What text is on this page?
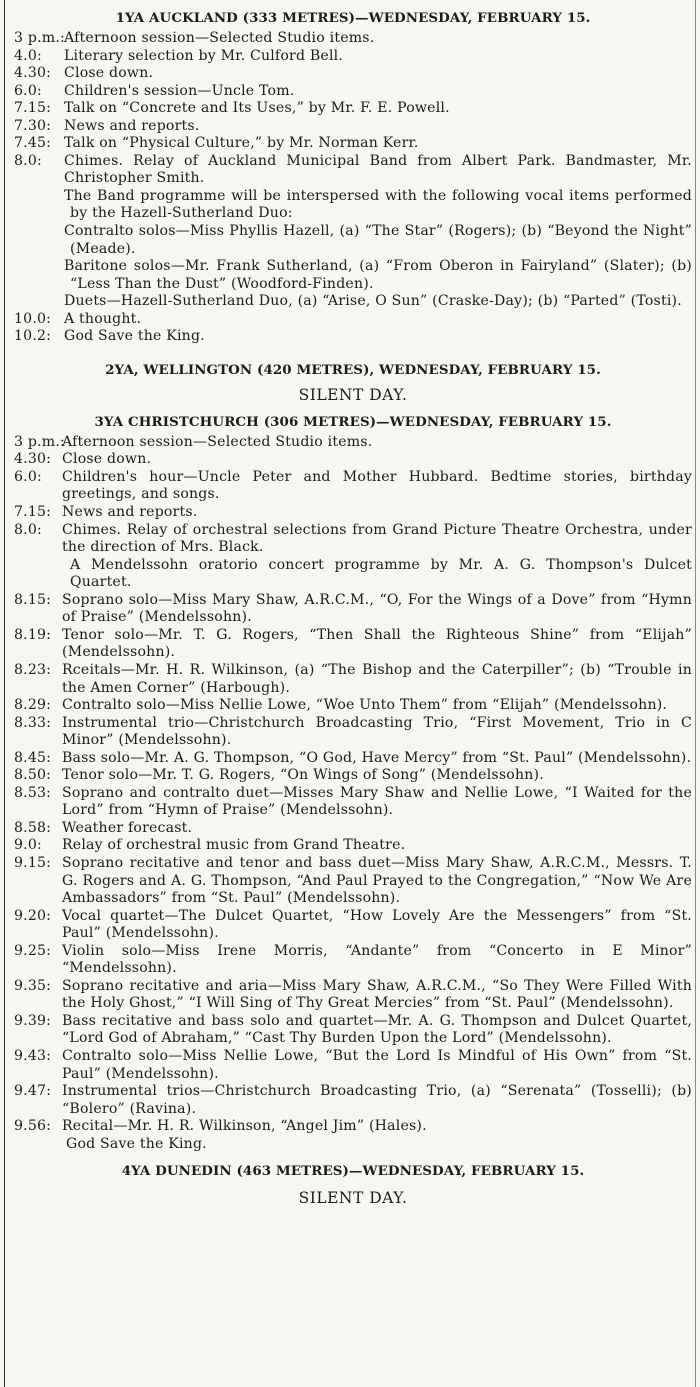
1YA AUCKLAND (333 METRES)—WEDNESDAY, FEBRUARY 15.
3 p.m.: Afternoon session—Selected Studio items.
4.0:	Literary selection by Mr. Culford Bell.
4.30: Close down.
6.0:	Children's session—Uncle Tom.
7.15: Talk on “Concrete and Its Uses,” by Mr. F. E. Powell.
7.30: News and reports.
7.45: Talk on “Physical Culture,” by Mr. Norman Kerr.
8.0:	Chimes. Relay of Auckland Municipal Band from Albert Park. Bandmaster, Mr. Christopher Smith.
The Band programme will be interspersed with the following vocal items performed by the Hazell-Sutherland Duo:
Contralto solos—Miss Phyllis Hazell, (a) “The Star” (Rogers); (b) “Beyond the Night” (Meade).
Baritone solos—Mr. Frank Sutherland, (a) “From Oberon in Fairyland” (Slater); (b) “Less Than the Dust” (Woodford-Finden).
Duets—Hazell-Sutherland Duo, (a) “Arise, O Sun” (Craske-Day); (b) “Parted” (Tosti).
10.0: A thought.
10.2: God Save the King.
2YA, WELLINGTON (420 METRES), WEDNESDAY, FEBRUARY 15.
SILENT DAY.
3YA CHRISTCHURCH (306 METRES)—WEDNESDAY, FEBRUARY 15.
3 p.m.:
Afternoon session—Selected Studio items.
4.30: Close down.
6.0:	Children's hour—Uncle Peter and Mother Hubbard. Bedtime stories, birthday greetings, and songs.
7.15: News and reports.
8.0:	Chimes. Relay of orchestral selections from Grand Picture Theatre Orchestra, under the direction of Mrs. Black.
A Mendelssohn oratorio concert programme by Mr. A. G. Thompson's Dulcet Quartet.
8.15: Soprano solo—Miss Mary Shaw, A.R.C.M., “O, For the Wings of a Dove” from “Hymn of Praise” (Mendelssohn).
8.19: Tenor solo—Mr. T. G. Rogers, “Then Shall the Righteous Shine” from “Elijah” (Mendelssohn).
8.23: Rceitals—Mr. H. R. Wilkinson, (a) “The Bishop and the Caterpiller”; (b) “Trouble in the Amen Corner” (Harbough).
8.29: Contralto solo—Miss Nellie Lowe, “Woe Unto Them” from “Elijah” (Mendelssohn).
8.33: Instrumental trio—Christchurch Broadcasting Trio, “First Movement, Trio in C Minor” (Mendelssohn).
8.45: Bass solo—Mr. A. G. Thompson, “O God, Have Mercy” from “St. Paul” (Mendelssohn).
8.50: Tenor solo—Mr. T. G. Rogers, “On Wings of Song” (Mendelssohn).
8.53: Soprano and contralto duet—Misses Mary Shaw and Nellie Lowe, “I Waited for the Lord” from “Hymn of Praise” (Mendelssohn).
8.58: Weather forecast.
9.0:	Relay of orchestral music from Grand Theatre.
9.15: Soprano recitative and tenor and bass duet—Miss Mary Shaw, A.R.C.M., Messrs. T. G. Rogers and A. G. Thompson, “And Paul Prayed to the Congregation,” “Now We Are Ambassadors” from “St. Paul” (Mendelssohn).
9.20: Vocal quartet—The Dulcet Quartet, “How Lovely Are the Messengers” from “St. Paul” (Mendelssohn).
9.25: Violin solo—Miss Irene Morris, “Andante” from “Concerto in E Minor” “Mendelssohn).
9.35: Soprano recitative and aria—Miss Mary Shaw, A.R.C.M., “So They Were Filled With the Holy Ghost,” “I Will Sing of Thy Great Mercies” from “St. Paul” (Mendelssohn).
9.39: Bass recitative and bass solo and quartet—Mr. A. G. Thompson and Dulcet Quartet, “Lord God of Abraham,” “Cast Thy Burden Upon the Lord” (Mendelssohn).
9.43: Contralto solo—Miss Nellie Lowe, “But the Lord Is Mindful of His Own” from “St. Paul” (Mendelssohn).
9.47: Instrumental trios—Christchurch Broadcasting Trio, (a) “Serenata” (Tosselli); (b) “Bolero” (Ravina).
9.56: Recital—Mr. H. R. Wilkinson, “Angel Jim” (Hales).
God Save the King.
4YA DUNEDIN (463 METRES)—WEDNESDAY, FEBRUARY 15.
SILENT DAY.
